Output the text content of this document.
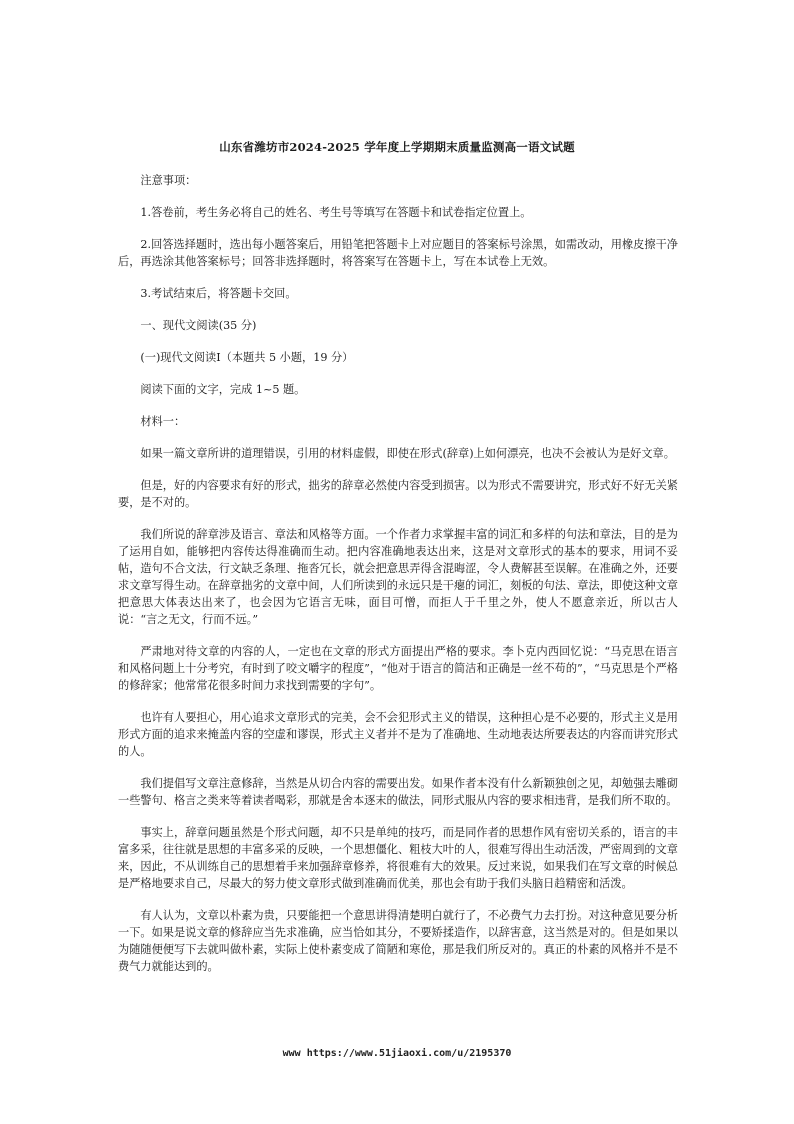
山东省潍坊市2024-2025 学年度上学期期末质量监测高一语文试题

注意事项：

1.答卷前，考生务必将自己的姓名、考生号等填写在答题卡和试卷指定位置上。

2.回答选择题时，选出每小题答案后，用铅笔把答题卡上对应题目的答案标号涂黑，如需改动，用橡皮擦干净后，再选涂其他答案标号；回答非选择题时，将答案写在答题卡上，写在本试卷上无效。

3.考试结束后，将答题卡交回。

一、现代文阅读(35 分)

(一)现代文阅读Ⅰ（本题共 5 小题，19 分）

阅读下面的文字，完成 1~5 题。

材料一：

如果一篇文章所讲的道理错误，引用的材料虚假，即使在形式(辞章)上如何漂亮，也决不会被认为是好文章。

但是，好的内容要求有好的形式，拙劣的辞章必然使内容受到损害。以为形式不需要讲究，形式好不好无关紧要，是不对的。

我们所说的辞章涉及语言、章法和风格等方面。一个作者力求掌握丰富的词汇和多样的句法和章法，目的是为了运用自如，能够把内容传达得准确而生动。把内容准确地表达出来，这是对文章形式的基本的要求，用词不妥帖，造句不合文法，行文缺乏条理、拖沓冗长，就会把意思弄得含混晦涩，令人费解甚至误解。在准确之外，还要求文章写得生动。在辞章拙劣的文章中间，人们所读到的永远只是干瘪的词汇，刻板的句法、章法，即使这种文章把意思大体表达出来了，也会因为它语言无味，面目可憎，而拒人于千里之外，使人不愿意亲近，所以古人说：“言之无文，行而不远。”

严肃地对待文章的内容的人，一定也在文章的形式方面提出严格的要求。李卜克内西回忆说：“马克思在语言和风格问题上十分考究，有时到了咬文嚼字的程度”，“他对于语言的简洁和正确是一丝不苟的”，“马克思是个严格的修辞家；他常常花很多时间力求找到需要的字句”。

也许有人要担心，用心追求文章形式的完美，会不会犯形式主义的错误，这种担心是不必要的，形式主义是用形式方面的追求来掩盖内容的空虚和谬误，形式主义者并不是为了准确地、生动地表达所要表达的内容而讲究形式的人。

我们提倡写文章注意修辞，当然是从切合内容的需要出发。如果作者本没有什么新颖独创之见，却勉强去雕砌一些警句、格言之类来等着读者喝彩，那就是舍本逐末的做法，同形式服从内容的要求相违背，是我们所不取的。

事实上，辞章问题虽然是个形式问题，却不只是单纯的技巧，而是同作者的思想作风有密切关系的，语言的丰富多采，往往就是思想的丰富多采的反映，一个思想僵化、粗枝大叶的人，很难写得出生动活泼，严密周到的文章来，因此，不从训练自己的思想着手来加强辞章修养，将很难有大的效果。反过来说，如果我们在写文章的时候总是严格地要求自己，尽最大的努力使文章形式做到准确而优美，那也会有助于我们头脑日趋精密和活泼。

有人认为，文章以朴素为贵，只要能把一个意思讲得清楚明白就行了，不必费气力去打扮。对这种意见要分析一下。如果是说文章的修辞应当先求准确，应当恰如其分，不要矫揉造作，以辞害意，这当然是对的。但是如果以为随随便便写下去就叫做朴素，实际上使朴素变成了简陋和寒伧，那是我们所反对的。真正的朴素的风格并不是不费气力就能达到的。

www https://www.51jiaoxi.com/u/2195370
